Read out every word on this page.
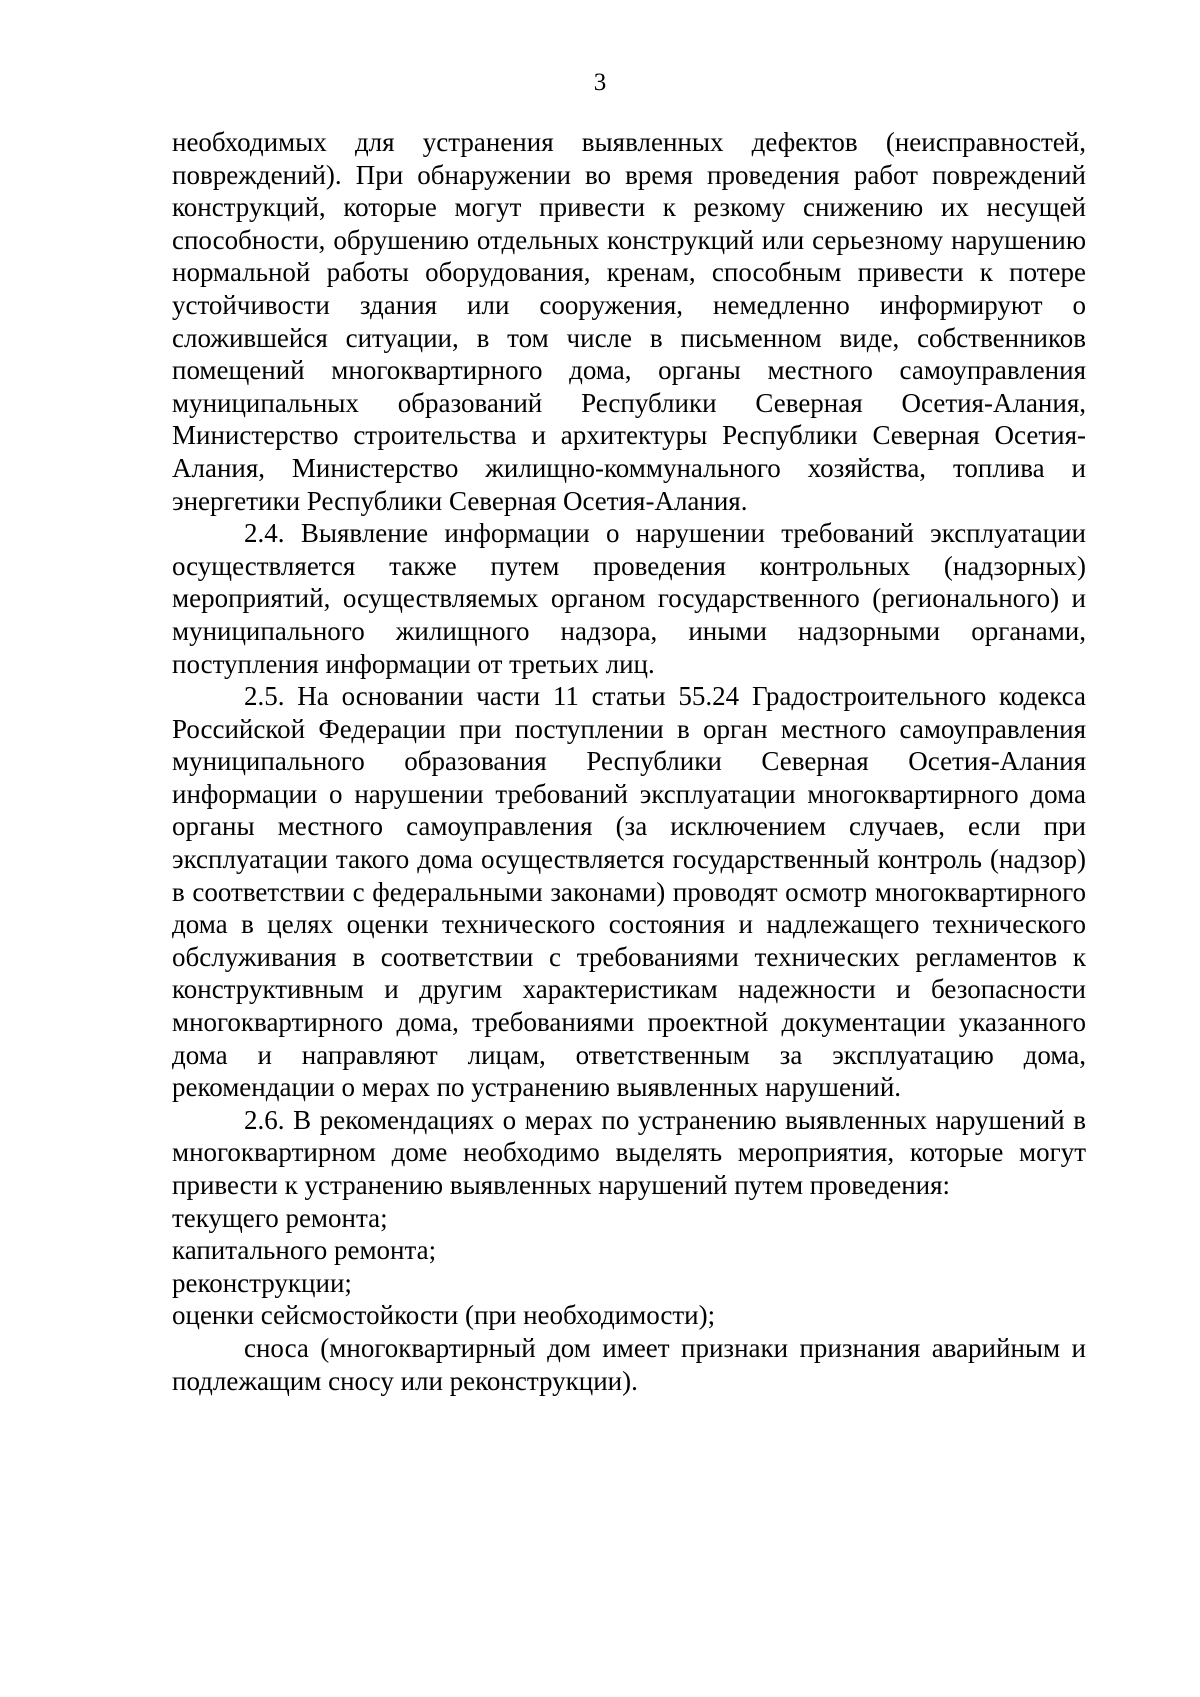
3

необходимых для устранения выявленных дефектов (неисправностей, повреждений). При обнаружении во время проведения работ повреждений конструкций, которые могут привести к резкому снижению их несущей способности, обрушению отдельных конструкций или серьезному нарушению нормальной работы оборудования, кренам, способным привести к потере устойчивости здания или сооружения, немедленно информируют о сложившейся ситуации, в том числе в письменном виде, собственников помещений многоквартирного дома, органы местного самоуправления муниципальных образований Республики Северная Осетия-Алания, Министерство строительства и архитектуры Республики Северная Осетия-Алания, Министерство жилищно-коммунального хозяйства, топлива и энергетики Республики Северная Осетия-Алания.

2.4. Выявление информации о нарушении требований эксплуатации осуществляется также путем проведения контрольных (надзорных) мероприятий, осуществляемых органом государственного (регионального) и муниципального жилищного надзора, иными надзорными органами, поступления информации от третьих лиц.

2.5. На основании части 11 статьи 55.24 Градостроительного кодекса Российской Федерации при поступлении в орган местного самоуправления муниципального образования Республики Северная Осетия-Алания информации о нарушении требований эксплуатации многоквартирного дома органы местного самоуправления (за исключением случаев, если при эксплуатации такого дома осуществляется государственный контроль (надзор) в соответствии с федеральными законами) проводят осмотр многоквартирного дома в целях оценки технического состояния и надлежащего технического обслуживания в соответствии с требованиями технических регламентов к конструктивным и другим характеристикам надежности и безопасности многоквартирного дома, требованиями проектной документации указанного дома и направляют лицам, ответственным за эксплуатацию дома, рекомендации о мерах по устранению выявленных нарушений.

2.6. В рекомендациях о мерах по устранению выявленных нарушений в многоквартирном доме необходимо выделять мероприятия, которые могут привести к устранению выявленных нарушений путем проведения:

текущего ремонта;

капитального ремонта;

реконструкции;

оценки сейсмостойкости (при необходимости);

сноса (многоквартирный дом имеет признаки признания аварийным и подлежащим сносу или реконструкции).
